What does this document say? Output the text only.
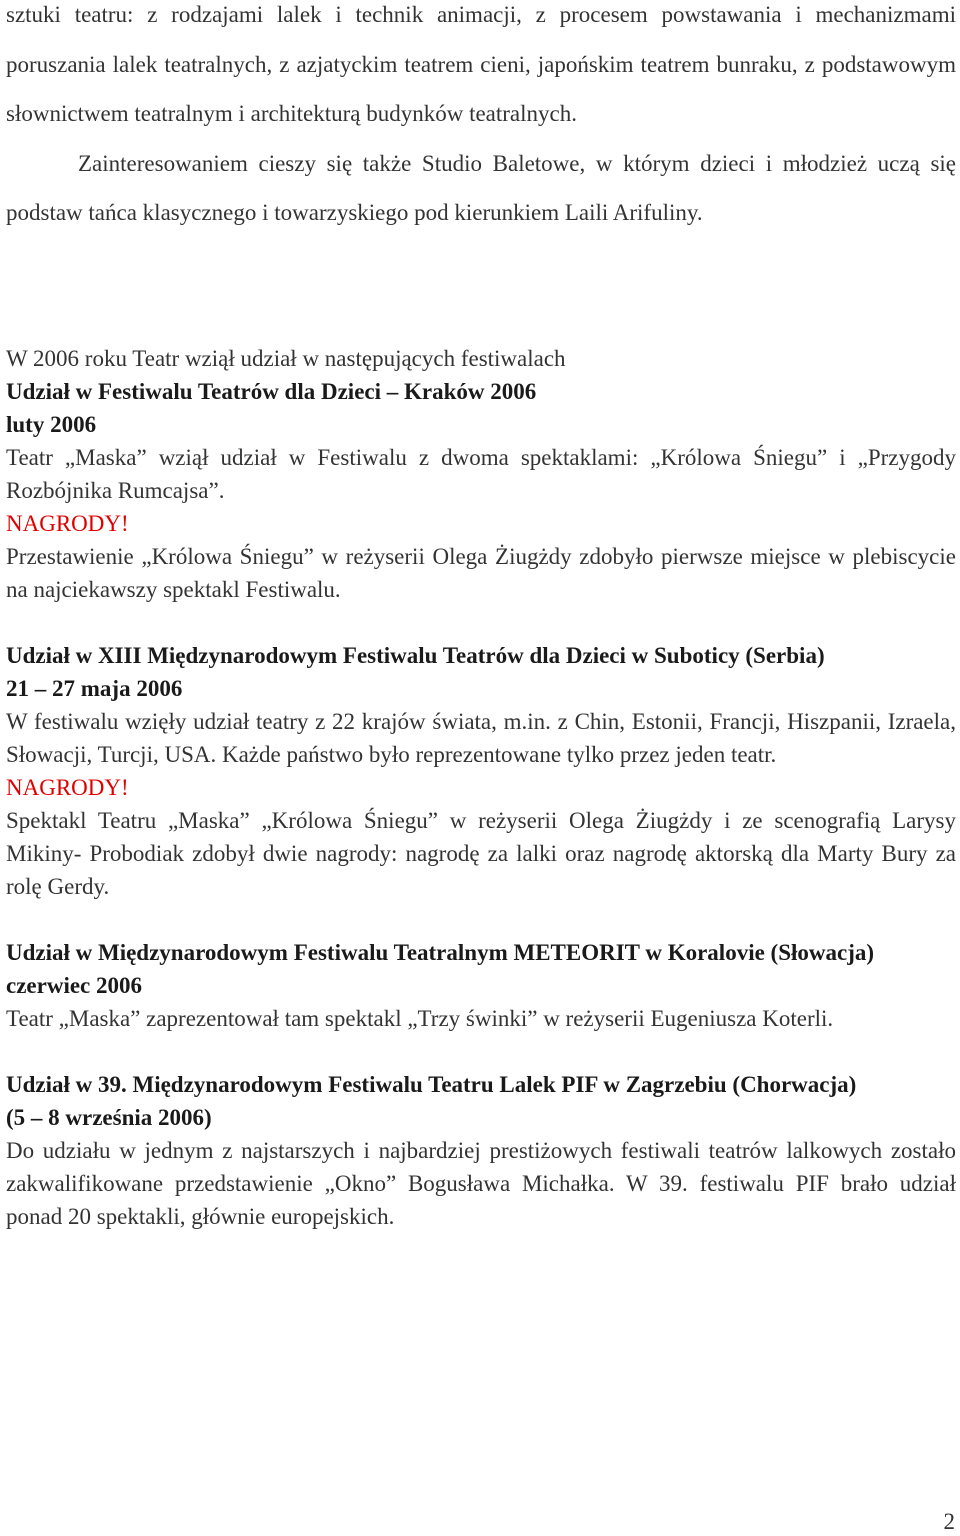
sztuki teatru: z rodzajami lalek i technik animacji, z procesem powstawania i mechanizmami poruszania lalek teatralnych, z azjatyckim teatrem cieni, japońskim teatrem bunraku, z podstawowym słownictwem teatralnym i architekturą budynków teatralnych.

Zainteresowaniem cieszy się także Studio Baletowe, w którym dzieci i młodzież uczą się podstaw tańca klasycznego i towarzyskiego pod kierunkiem Laili Arifuliny.

W 2006 roku Teatr wziął udział w następujących festiwalach

Udział w Festiwalu Teatrów dla Dzieci – Kraków 2006

luty 2006

Teatr „Maska” wziął udział w Festiwalu z dwoma spektaklami: „Królowa Śniegu” i „Przygody Rozbójnika Rumcajsa”.

NAGRODY!

Przestawienie „Królowa Śniegu” w reżyserii Olega Żiugżdy zdobyło pierwsze miejsce w plebiscycie na najciekawszy spektakl Festiwalu.

Udział w XIII Międzynarodowym Festiwalu Teatrów dla Dzieci w Suboticy (Serbia)

21 – 27 maja 2006

W festiwalu wzięły udział teatry z 22 krajów świata, m.in. z Chin, Estonii, Francji, Hiszpanii, Izraela, Słowacji, Turcji, USA. Każde państwo było reprezentowane tylko przez jeden teatr.

NAGRODY!

Spektakl Teatru „Maska” „Królowa Śniegu” w reżyserii Olega Żiugżdy i ze scenografią Larysy Mikiny- Probodiak zdobył dwie nagrody: nagrodę za lalki oraz nagrodę aktorską dla Marty Bury za rolę Gerdy.

Udział w Międzynarodowym Festiwalu Teatralnym METEORIT w Koralovie (Słowacja)

czerwiec 2006

Teatr „Maska” zaprezentował tam spektakl „Trzy świnki” w reżyserii Eugeniusza Koterli.

Udział w 39. Międzynarodowym Festiwalu Teatru Lalek PIF w Zagrzebiu (Chorwacja)

(5 – 8 września 2006)

Do udziału w jednym z najstarszych i najbardziej prestiżowych festiwali teatrów lalkowych zostało zakwalifikowane przedstawienie „Okno” Bogusława Michałka. W 39. festiwalu PIF brało udział ponad 20 spektakli, głównie europejskich.

2
